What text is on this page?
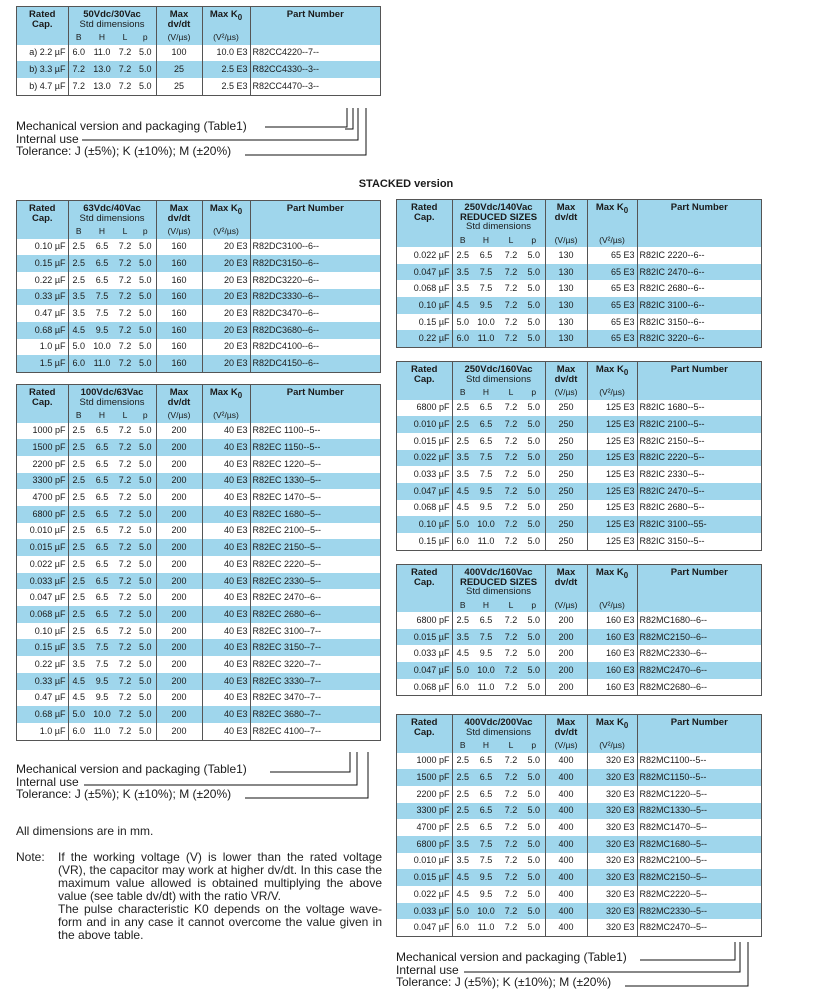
Rated
Cap.	50Vdc/30Vac
Std dimensions				Max
dv/dt	Max $K_0$	Part Number
	B	H	L	p	(V/µs)	(V²/µs)	
a) 2.2 µF	6.0	11.0	7.2	5.0	100	10.0 E3	R82CC4220--7--
b) 3.3 µF	7.2	13.0	7.2	5.0	25	2.5 E3	R82CC4330--3--
b) 4.7 µF	7.2	13.0	7.2	5.0	25	2.5 E3	R82CC4470--3--
Mechanical version and packaging (Table1)
Internal use
Tolerance: J (±5%); K (±10%); M (±20%)
STACKED version
Rated
Cap.	63Vdc/40Vac
Std dimensions				Max
dv/dt	Max $K_0$	Part Number
	B	H	L	p	(V/µs)	(V²/µs)	
0.10 µF	2.5	6.5	7.2	5.0	160	20 E3	R82DC3100--6--
0.15 µF	2.5	6.5	7.2	5.0	160	20 E3	R82DC3150--6--
0.22 µF	2.5	6.5	7.2	5.0	160	20 E3	R82DC3220--6--
0.33 µF	3.5	7.5	7.2	5.0	160	20 E3	R82DC3330--6--
0.47 µF	3.5	7.5	7.2	5.0	160	20 E3	R82DC3470--6--
0.68 µF	4.5	9.5	7.2	5.0	160	20 E3	R82DC3680--6--
1.0 µF	5.0	10.0	7.2	5.0	160	20 E3	R82DC4100--6--
1.5 µF	6.0	11.0	7.2	5.0	160	20 E3	R82DC4150--6--
Rated
Cap.	100Vdc/63Vac
Std dimensions				Max
dv/dt	Max $K_0$	Part Number
	B	H	L	p	(V/µs)	(V²/µs)	
1000 pF	2.5	6.5	7.2	5.0	200	40 E3	R82EC 1100--5--
1500 pF	2.5	6.5	7.2	5.0	200	40 E3	R82EC 1150--5--
2200 pF	2.5	6.5	7.2	5.0	200	40 E3	R82EC 1220--5--
3300 pF	2.5	6.5	7.2	5.0	200	40 E3	R82EC 1330--5--
4700 pF	2.5	6.5	7.2	5.0	200	40 E3	R82EC 1470--5--
6800 pF	2.5	6.5	7.2	5.0	200	40 E3	R82EC 1680--5--
0.010 µF	2.5	6.5	7.2	5.0	200	40 E3	R82EC 2100--5--
0.015 µF	2.5	6.5	7.2	5.0	200	40 E3	R82EC 2150--5--
0.022 µF	2.5	6.5	7.2	5.0	200	40 E3	R82EC 2220--5--
0.033 µF	2.5	6.5	7.2	5.0	200	40 E3	R82EC 2330--5--
0.047 µF	2.5	6.5	7.2	5.0	200	40 E3	R82EC 2470--6--
0.068 µF	2.5	6.5	7.2	5.0	200	40 E3	R82EC 2680--6--
0.10 µF	2.5	6.5	7.2	5.0	200	40 E3	R82EC 3100--7--
0.15 µF	3.5	7.5	7.2	5.0	200	40 E3	R82EC 3150--7--
0.22 µF	3.5	7.5	7.2	5.0	200	40 E3	R82EC 3220--7--
0.33 µF	4.5	9.5	7.2	5.0	200	40 E3	R82EC 3330--7--
0.47 µF	4.5	9.5	7.2	5.0	200	40 E3	R82EC 3470--7--
0.68 µF	5.0	10.0	7.2	5.0	200	40 E3	R82EC 3680--7--
1.0 µF	6.0	11.0	7.2	5.0	200	40 E3	R82EC 4100--7--
Mechanical version and packaging (Table1)
Internal use
Tolerance: J (±5%); K (±10%); M (±20%)
All dimensions are in mm.
Note: If the working voltage (V) is lower than the rated voltage (VR), the capacitor may work at higher dv/dt. In this case the maximum value allowed is obtained multiplying the above value (see table dv/dt) with the ratio VR/V.
The pulse characteristic K0 depends on the voltage wave-form and in any case it cannot overcome the value given in the above table.
Rated
Cap.	250Vdc/140Vac
REDUCED SIZES
Std dimensions				Max
dv/dt	Max $K_0$	Part Number
	B	H	L	p	(V/µs)	(V²/µs)	
0.022 µF	2.5	6.5	7.2	5.0	130	65 E3	R82IC 2220--6--
0.047 µF	3.5	7.5	7.2	5.0	130	65 E3	R82IC 2470--6--
0.068 µF	3.5	7.5	7.2	5.0	130	65 E3	R82IC 2680--6--
0.10 µF	4.5	9.5	7.2	5.0	130	65 E3	R82IC 3100--6--
0.15 µF	5.0	10.0	7.2	5.0	130	65 E3	R82IC 3150--6--
0.22 µF	6.0	11.0	7.2	5.0	130	65 E3	R82IC 3220--6--
Rated
Cap.	250Vdc/160Vac
Std dimensions				Max
dv/dt	Max $K_0$	Part Number
	B	H	L	p	(V/µs)	(V²/µs)	
6800 pF	2.5	6.5	7.2	5.0	250	125 E3	R82IC 1680--5--
0.010 µF	2.5	6.5	7.2	5.0	250	125 E3	R82IC 2100--5--
0.015 µF	2.5	6.5	7.2	5.0	250	125 E3	R82IC 2150--5--
0.022 µF	3.5	7.5	7.2	5.0	250	125 E3	R82IC 2220--5--
0.033 µF	3.5	7.5	7.2	5.0	250	125 E3	R82IC 2330--5--
0.047 µF	4.5	9.5	7.2	5.0	250	125 E3	R82IC 2470--5--
0.068 µF	4.5	9.5	7.2	5.0	250	125 E3	R82IC 2680--5--
0.10 µF	5.0	10.0	7.2	5.0	250	125 E3	R82IC 3100--55-
0.15 µF	6.0	11.0	7.2	5.0	250	125 E3	R82IC 3150--5--
Rated
Cap.	400Vdc/160Vac
REDUCED SIZES
Std dimensions				Max
dv/dt	Max $K_0$	Part Number
	B	H	L	p	(V/µs)	(V²/µs)	
6800 pF	2.5	6.5	7.2	5.0	200	160 E3	R82MC1680--6--
0.015 µF	3.5	7.5	7.2	5.0	200	160 E3	R82MC2150--6--
0.033 µF	4.5	9.5	7.2	5.0	200	160 E3	R82MC2330--6--
0.047 µF	5.0	10.0	7.2	5.0	200	160 E3	R82MC2470--6--
0.068 µF	6.0	11.0	7.2	5.0	200	160 E3	R82MC2680--6--
Rated
Cap.	400Vdc/200Vac
Std dimensions				Max
dv/dt	Max $K_0$	Part Number
	B	H	L	p	(V/µs)	(V²/µs)	
1000 pF	2.5	6.5	7.2	5.0	400	320 E3	R82MC1100--5--
1500 pF	2.5	6.5	7.2	5.0	400	320 E3	R82MC1150--5--
2200 pF	2.5	6.5	7.2	5.0	400	320 E3	R82MC1220--5--
3300 pF	2.5	6.5	7.2	5.0	400	320 E3	R82MC1330--5--
4700 pF	2.5	6.5	7.2	5.0	400	320 E3	R82MC1470--5--
6800 pF	3.5	7.5	7.2	5.0	400	320 E3	R82MC1680--5--
0.010 µF	3.5	7.5	7.2	5.0	400	320 E3	R82MC2100--5--
0.015 µF	4.5	9.5	7.2	5.0	400	320 E3	R82MC2150--5--
0.022 µF	4.5	9.5	7.2	5.0	400	320 E3	R82MC2220--5--
0.033 µF	5.0	10.0	7.2	5.0	400	320 E3	R82MC2330--5--
0.047 µF	6.0	11.0	7.2	5.0	400	320 E3	R82MC2470--5--
Mechanical version and packaging (Table1)
Internal use
Tolerance: J (±5%); K (±10%); M (±20%)
